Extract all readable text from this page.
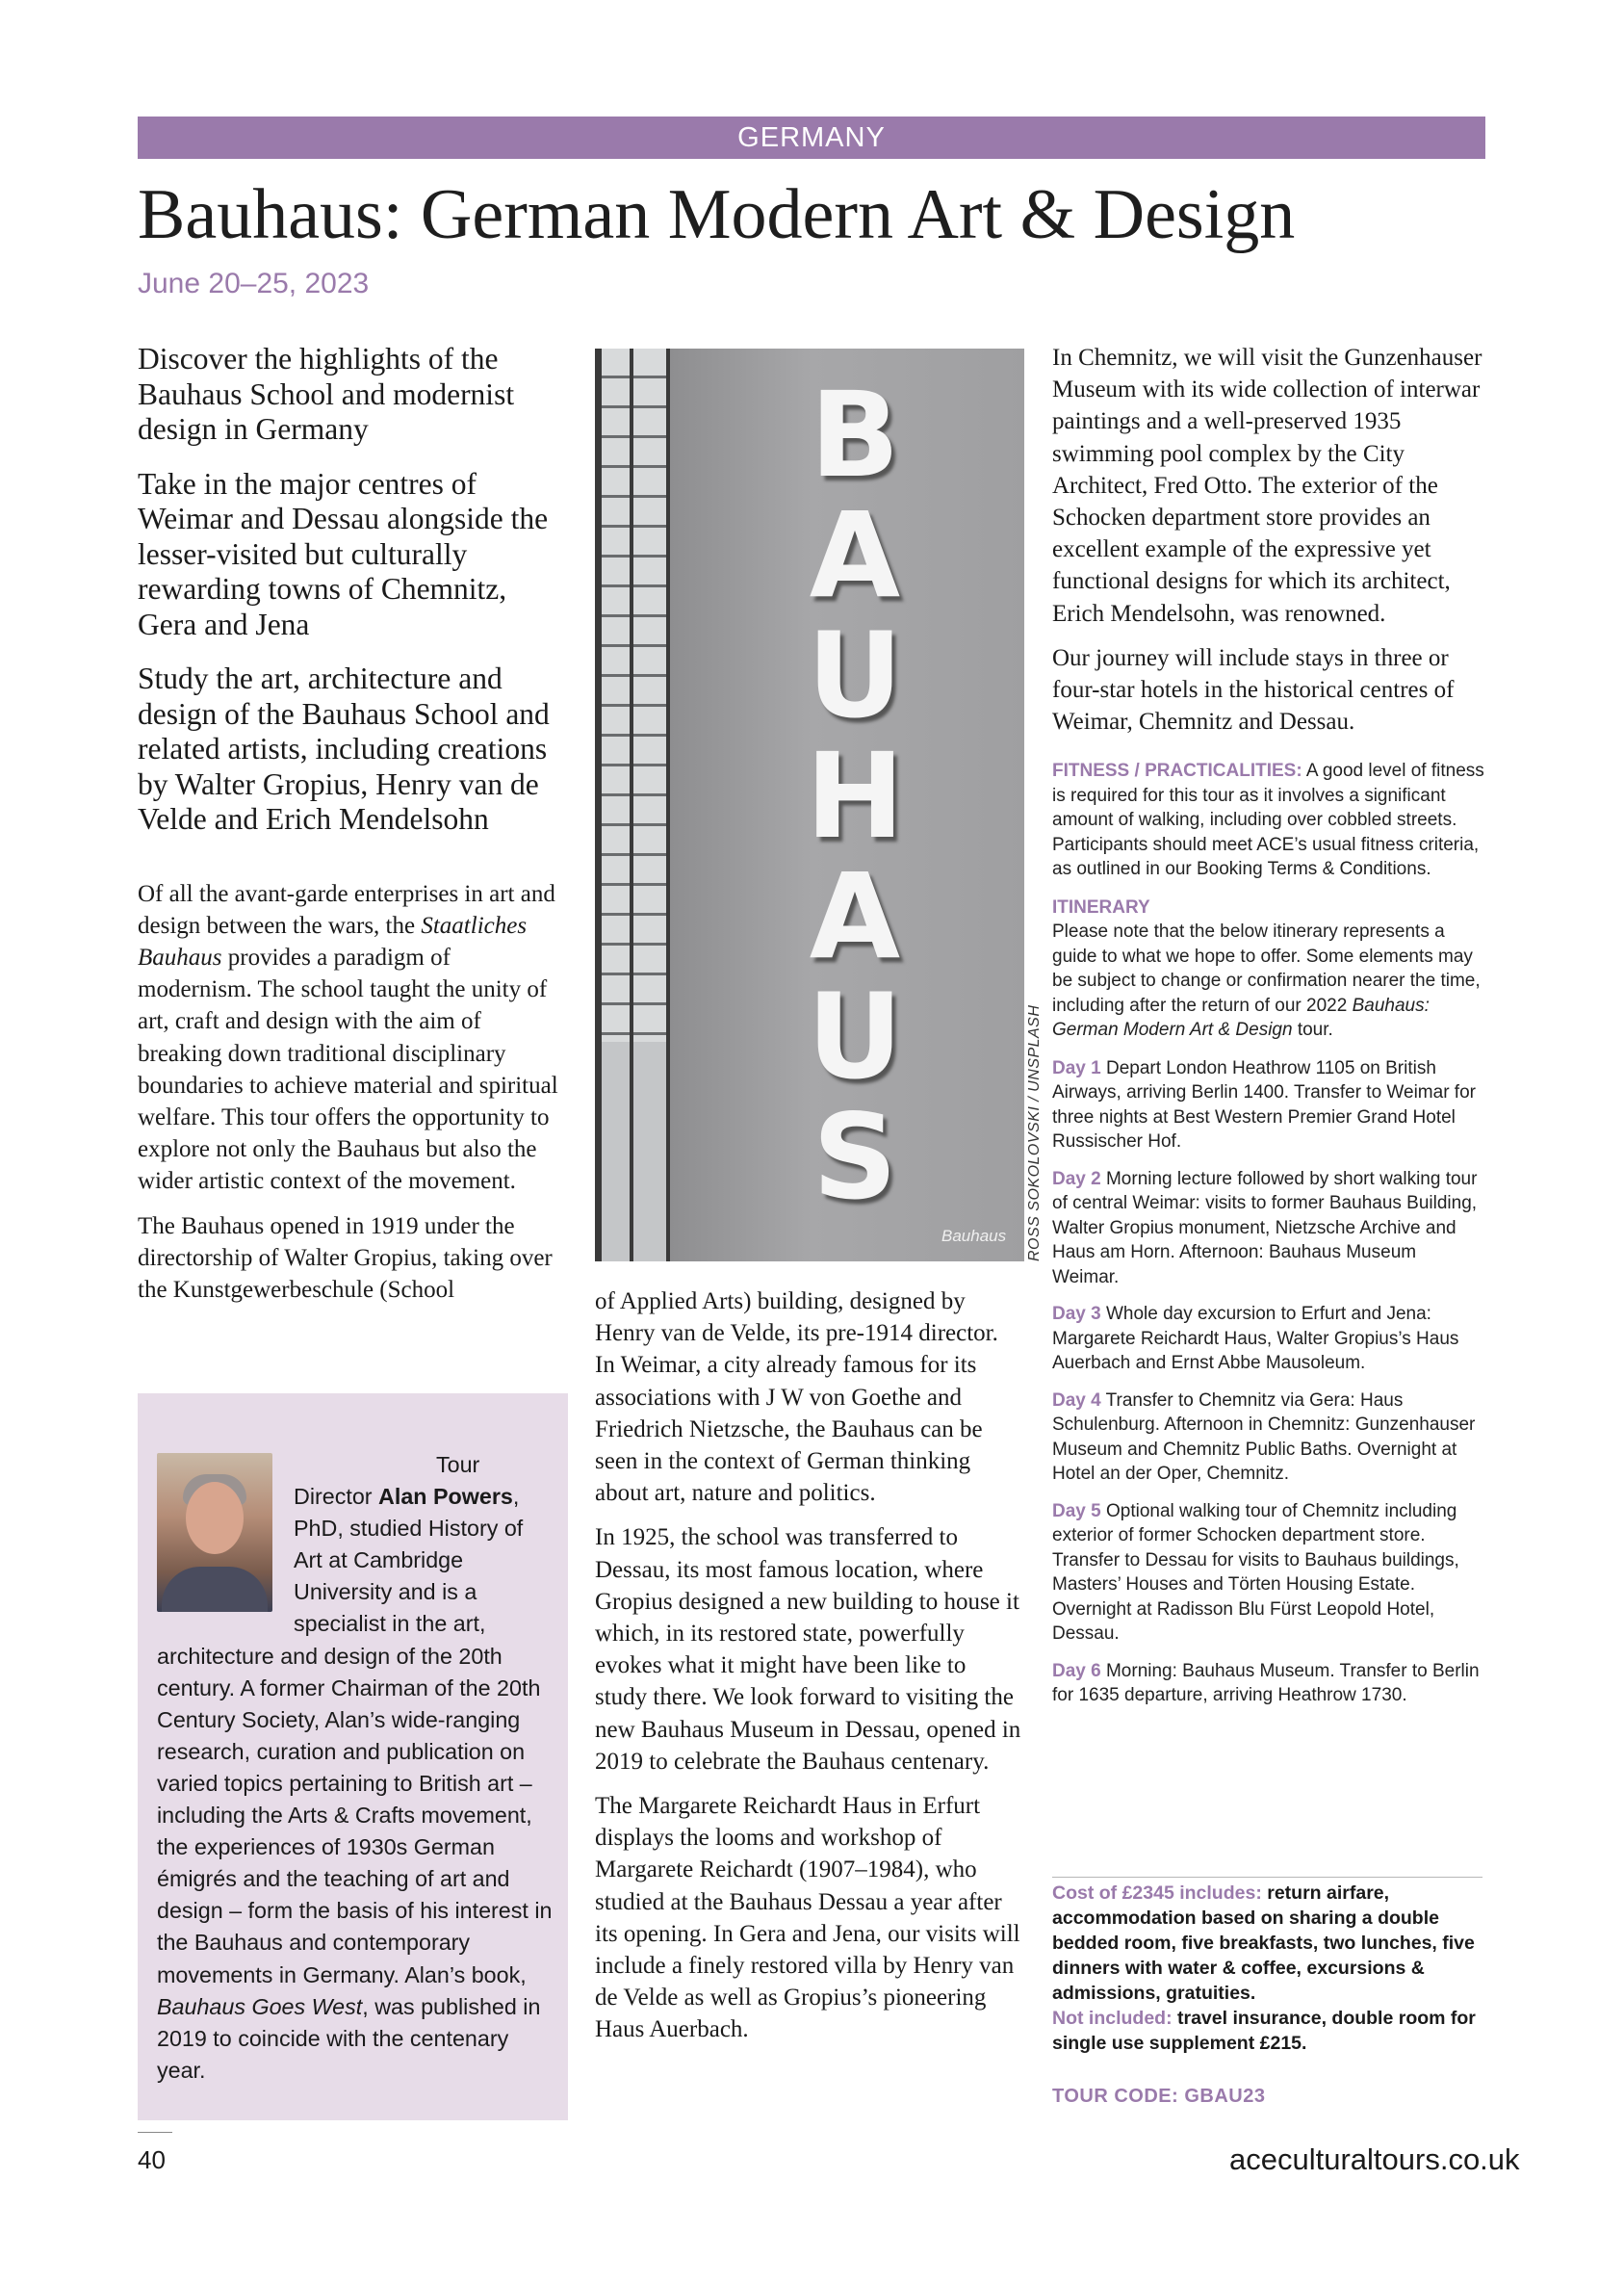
GERMANY
Bauhaus: German Modern Art & Design
June 20–25, 2023

Discover the highlights of the Bauhaus School and modernist design in Germany

Take in the major centres of Weimar and Dessau alongside the lesser-visited but culturally rewarding towns of Chemnitz, Gera and Jena

Study the art, architecture and design of the Bauhaus School and related artists, including creations by Walter Gropius, Henry van de Velde and Erich Mendelsohn

Of all the avant-garde enterprises in art and design between the wars, the Staatliches Bauhaus provides a paradigm of modernism. The school taught the unity of art, craft and design with the aim of breaking down traditional disciplinary boundaries to achieve material and spiritual welfare. This tour offers the opportunity to explore not only the Bauhaus but also the wider artistic context of the movement.

The Bauhaus opened in 1919 under the directorship of Walter Gropius, taking over the Kunstgewerbeschule (School

Tour Director Alan Powers, PhD, studied History of Art at Cambridge University and is a specialist in the art, architecture and design of the 20th century. A former Chairman of the 20th Century Society, Alan’s wide-ranging research, curation and publication on varied topics pertaining to British art – including the Arts & Crafts movement, the experiences of 1930s German émigrés and the teaching of art and design – form the basis of his interest in the Bauhaus and contemporary movements in Germany. Alan’s book, Bauhaus Goes West, was published in 2019 to coincide with the centenary year.
B
A
U
H
A
U
S
Bauhaus ROSS SOKOLOVSKI / UNSPLASH

of Applied Arts) building, designed by Henry van de Velde, its pre-1914 director. In Weimar, a city already famous for its associations with J W von Goethe and Friedrich Nietzsche, the Bauhaus can be seen in the context of German thinking about art, nature and politics.

In 1925, the school was transferred to Dessau, its most famous location, where Gropius designed a new building to house it which, in its restored state, powerfully evokes what it might have been like to study there. We look forward to visiting the new Bauhaus Museum in Dessau, opened in 2019 to celebrate the Bauhaus centenary.

The Margarete Reichardt Haus in Erfurt displays the looms and workshop of Margarete Reichardt (1907–1984), who studied at the Bauhaus Dessau a year after its opening. In Gera and Jena, our visits will include a finely restored villa by Henry van de Velde as well as Gropius’s pioneering Haus Auerbach.

In Chemnitz, we will visit the Gunzenhauser Museum with its wide collection of interwar paintings and a well-preserved 1935 swimming pool complex by the City Architect, Fred Otto. The exterior of the Schocken department store provides an excellent example of the expressive yet functional designs for which its architect, Erich Mendelsohn, was renowned.

Our journey will include stays in three or four-star hotels in the historical centres of Weimar, Chemnitz and Dessau.

FITNESS / PRACTICALITIES: A good level of fitness is required for this tour as it involves a significant amount of walking, including over cobbled streets. Participants should meet ACE’s usual fitness criteria, as outlined in our Booking Terms & Conditions.

ITINERARY

Please note that the below itinerary represents a guide to what we hope to offer. Some elements may be subject to change or confirmation nearer the time, including after the return of our 2022 Bauhaus: German Modern Art & Design tour.

Day 1 Depart London Heathrow 1105 on British Airways, arriving Berlin 1400. Transfer to Weimar for three nights at Best Western Premier Grand Hotel Russischer Hof.

Day 2 Morning lecture followed by short walking tour of central Weimar: visits to former Bauhaus Building, Walter Gropius monument, Nietzsche Archive and Haus am Horn. Afternoon: Bauhaus Museum Weimar.

Day 3 Whole day excursion to Erfurt and Jena: Margarete Reichardt Haus, Walter Gropius’s Haus Auerbach and Ernst Abbe Mausoleum.

Day 4 Transfer to Chemnitz via Gera: Haus Schulenburg. Afternoon in Chemnitz: Gunzenhauser Museum and Chemnitz Public Baths. Overnight at Hotel an der Oper, Chemnitz.

Day 5 Optional walking tour of Chemnitz including exterior of former Schocken department store. Transfer to Dessau for visits to Bauhaus buildings, Masters’ Houses and Törten Housing Estate. Overnight at Radisson Blu Fürst Leopold Hotel, Dessau.

Day 6 Morning: Bauhaus Museum. Transfer to Berlin for 1635 departure, arriving Heathrow 1730.

Cost of £2345 includes: return airfare, accommodation based on sharing a double bedded room, five breakfasts, two lunches, five dinners with water & coffee, excursions & admissions, gratuities.
Not included: travel insurance, double room for single use supplement £215.
TOUR CODE: GBAU23
40	aceculturaltours.co.uk
